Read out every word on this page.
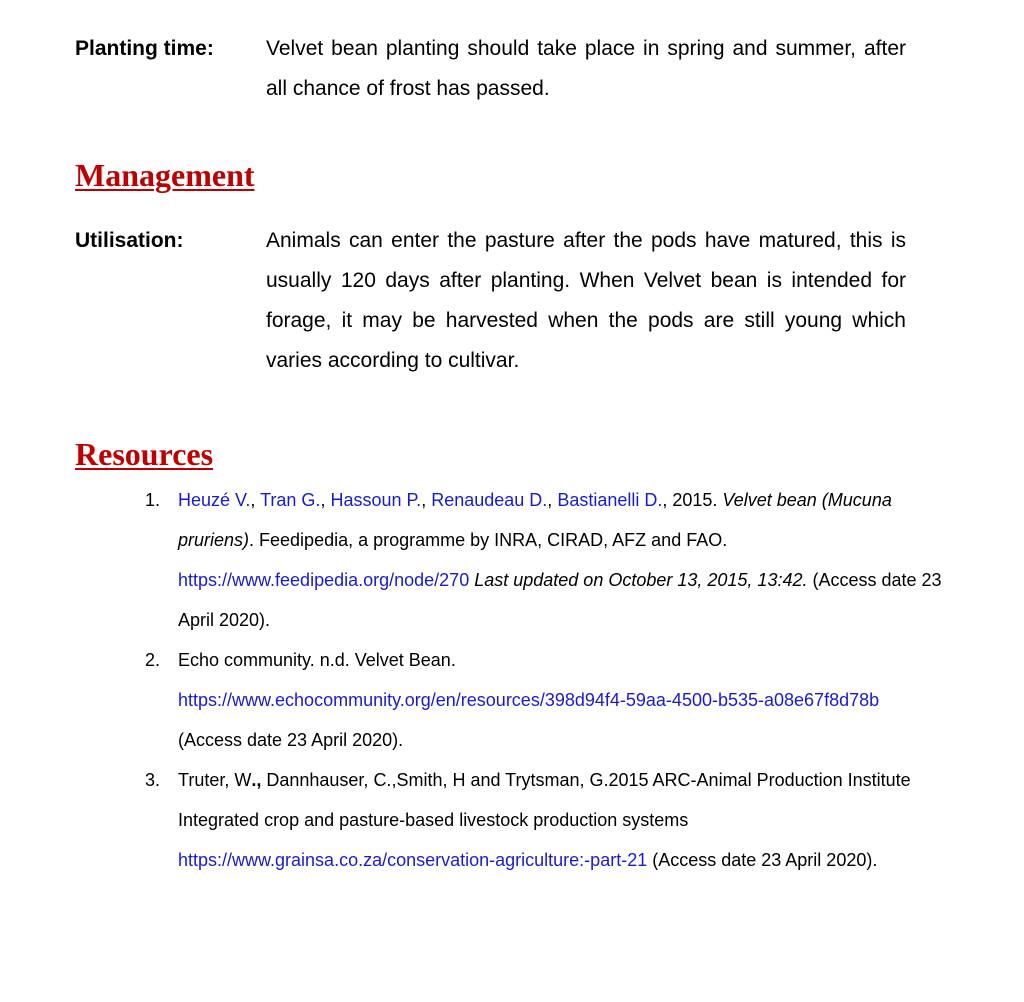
Planting time: Velvet bean planting should take place in spring and summer, after all chance of frost has passed.
Management
Utilisation:	Animals can enter the pasture after the pods have matured, this is usually 120 days after planting. When Velvet bean is intended for forage, it may be harvested when the pods are still young which varies according to cultivar.
Resources
1. Heuzé V., Tran G., Hassoun P., Renaudeau D., Bastianelli D., 2015. Velvet bean (Mucuna pruriens). Feedipedia, a programme by INRA, CIRAD, AFZ and FAO.
https://www.feedipedia.org/node/270 Last updated on October 13, 2015, 13:42. (Access date 23 April 2020).
2. Echo community. n.d. Velvet Bean.
https://www.echocommunity.org/en/resources/398d94f4-59aa-4500-b535-a08e67f8d78b
(Access date 23 April 2020).
3. Truter, W., Dannhauser, C.,Smith, H and Trytsman, G.2015 ARC-Animal Production Institute Integrated crop and pasture-based livestock production systems
https://www.grainsa.co.za/conservation-agriculture:-part-21 (Access date 23 April 2020).
